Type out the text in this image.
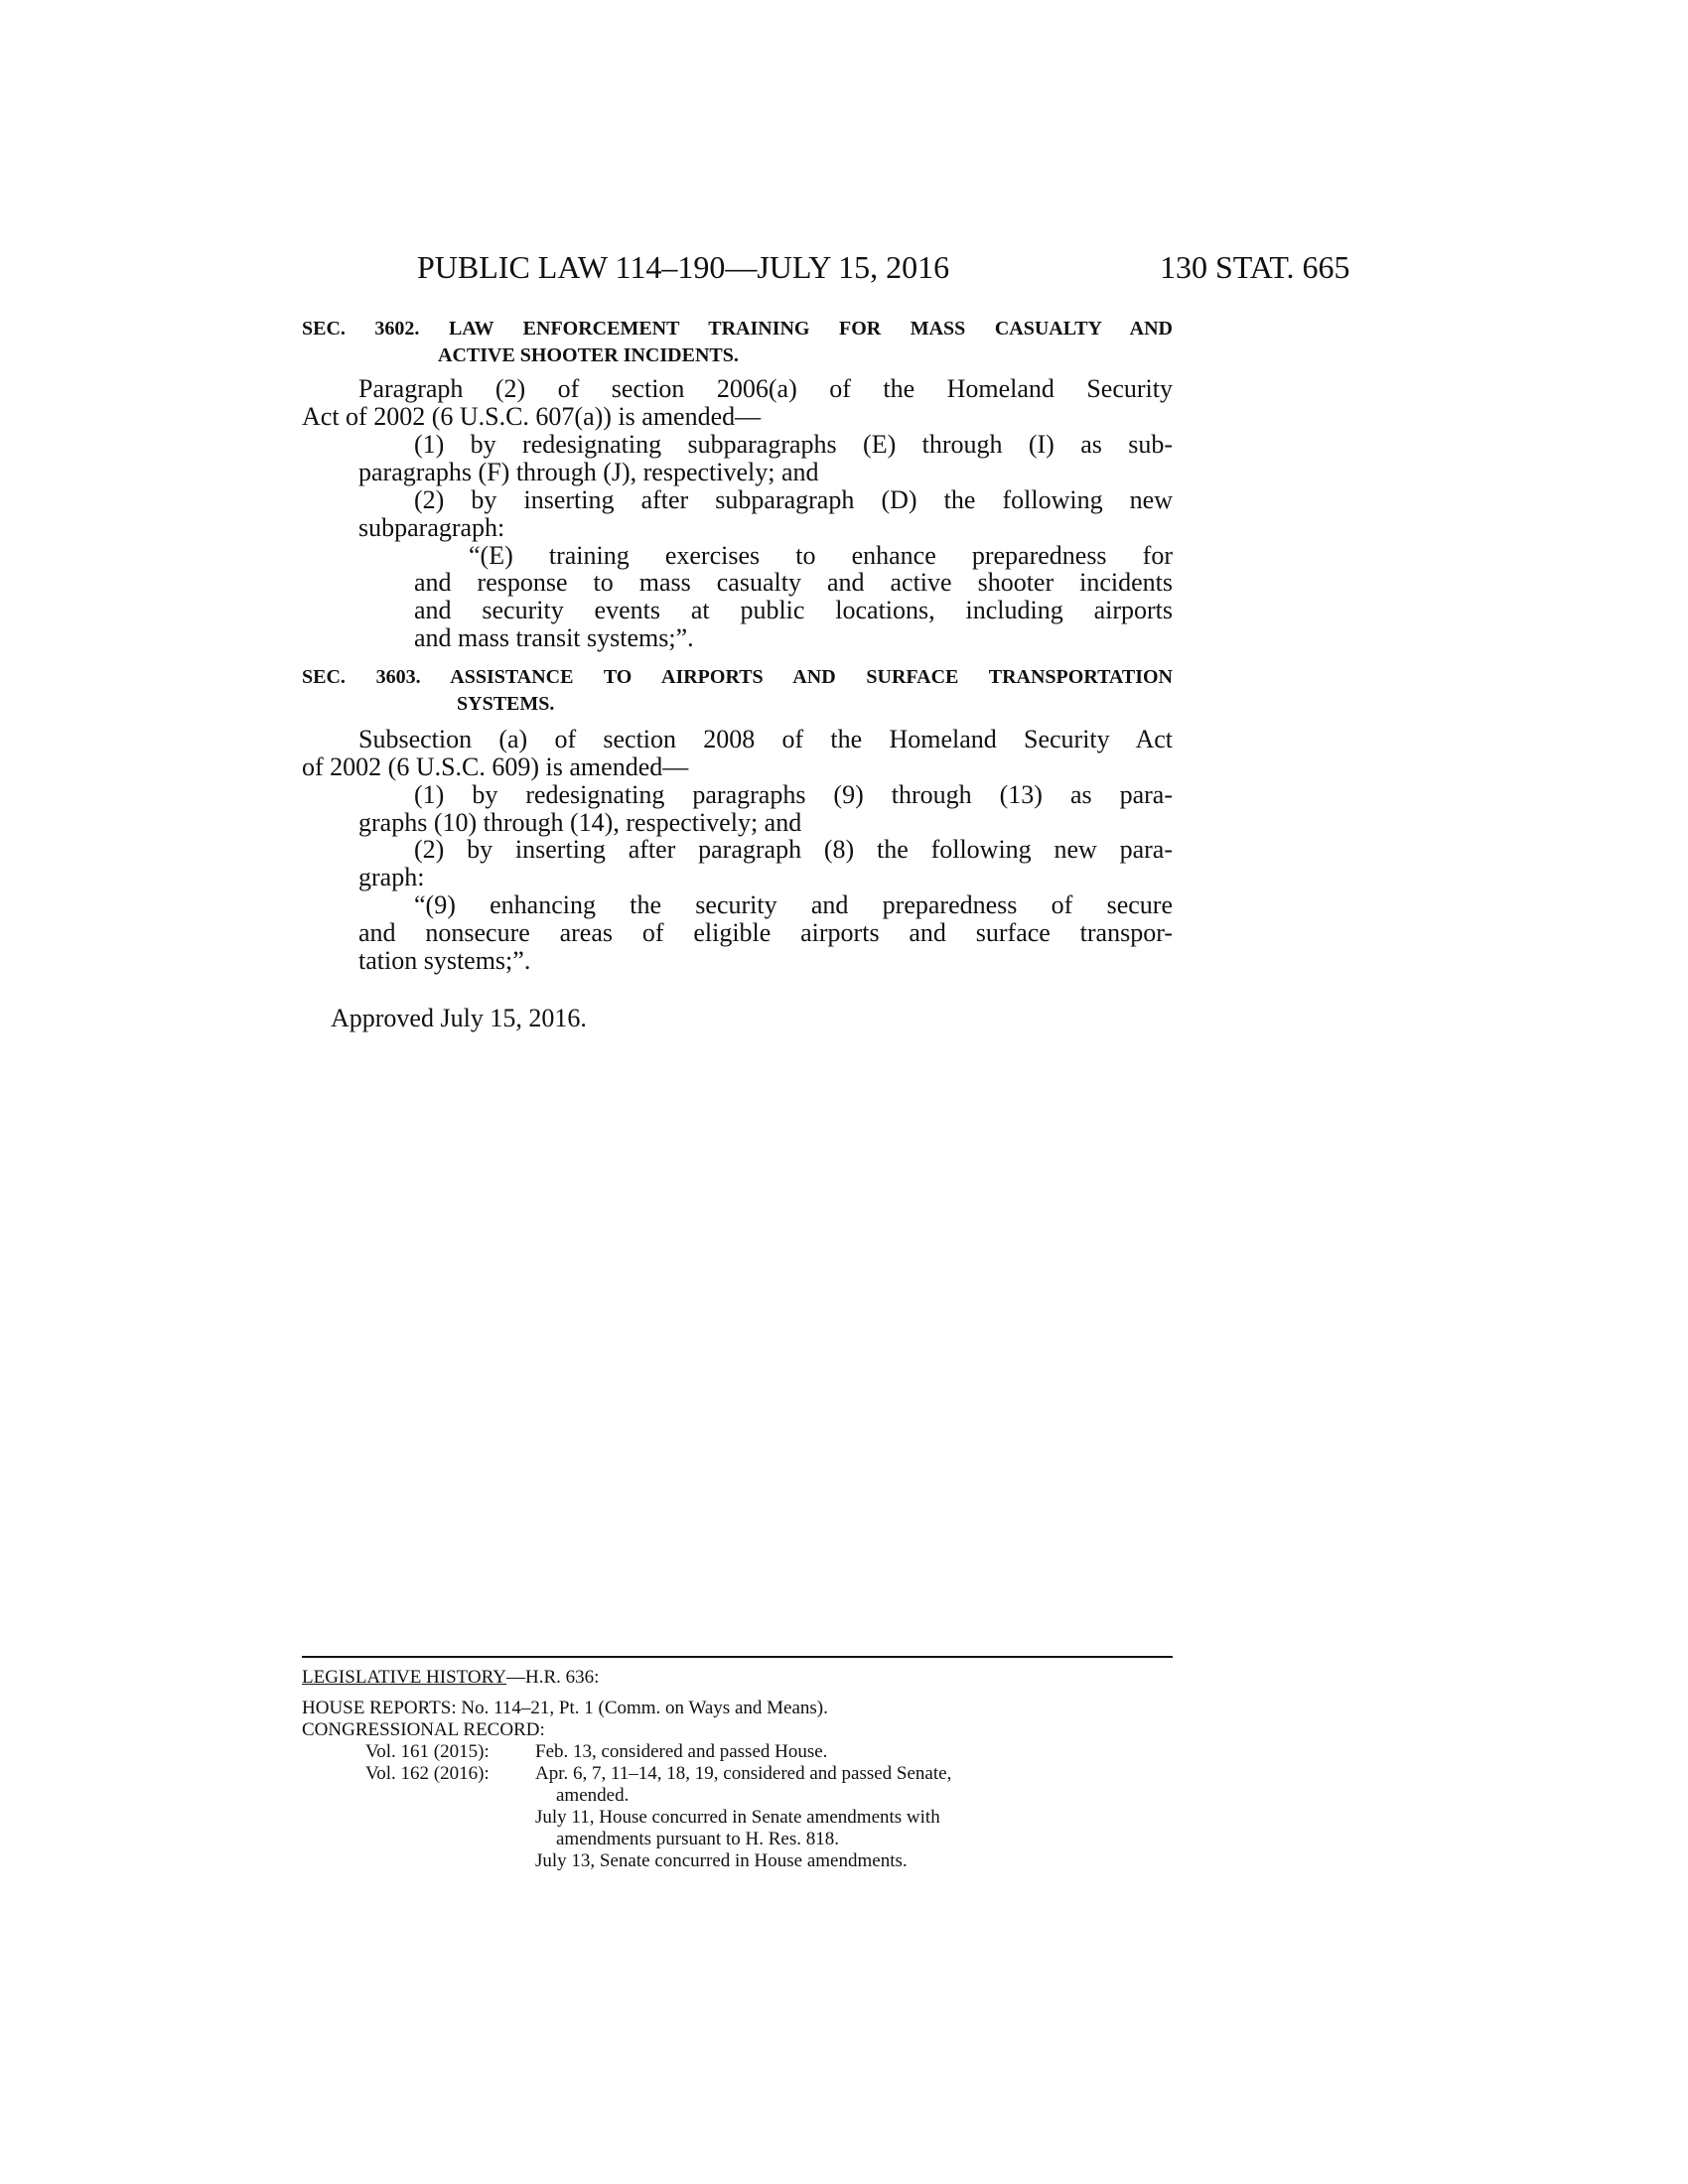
PUBLIC LAW 114–190—JULY 15, 2016	130 STAT. 665
SEC. 3602. LAW ENFORCEMENT TRAINING FOR MASS CASUALTY AND
ACTIVE SHOOTER INCIDENTS.
Paragraph (2) of section 2006(a) of the Homeland Security
Act of 2002 (6 U.S.C. 607(a)) is amended—
(1) by redesignating subparagraphs (E) through (I) as sub-
paragraphs (F) through (J), respectively; and
(2) by inserting after subparagraph (D) the following new
subparagraph:
“(E) training exercises to enhance preparedness for
and response to mass casualty and active shooter incidents
and security events at public locations, including airports
and mass transit systems;”.
SEC. 3603. ASSISTANCE TO AIRPORTS AND SURFACE TRANSPORTATION
SYSTEMS.
Subsection (a) of section 2008 of the Homeland Security Act
of 2002 (6 U.S.C. 609) is amended—
(1) by redesignating paragraphs (9) through (13) as para-
graphs (10) through (14), respectively; and
(2) by inserting after paragraph (8) the following new para-
graph:
“(9) enhancing the security and preparedness of secure
and nonsecure areas of eligible airports and surface transpor-
tation systems;”.
Approved July 15, 2016.
LEGISLATIVE HISTORY—H.R. 636:
HOUSE REPORTS: No. 114–21, Pt. 1 (Comm. on Ways and Means).
CONGRESSIONAL RECORD:
Vol. 161 (2015): Feb. 13, considered and passed House.
Vol. 162 (2016): Apr. 6, 7, 11–14, 18, 19, considered and passed Senate,
amended.
July 11, House concurred in Senate amendments with
amendments pursuant to H. Res. 818.
July 13, Senate concurred in House amendments.
